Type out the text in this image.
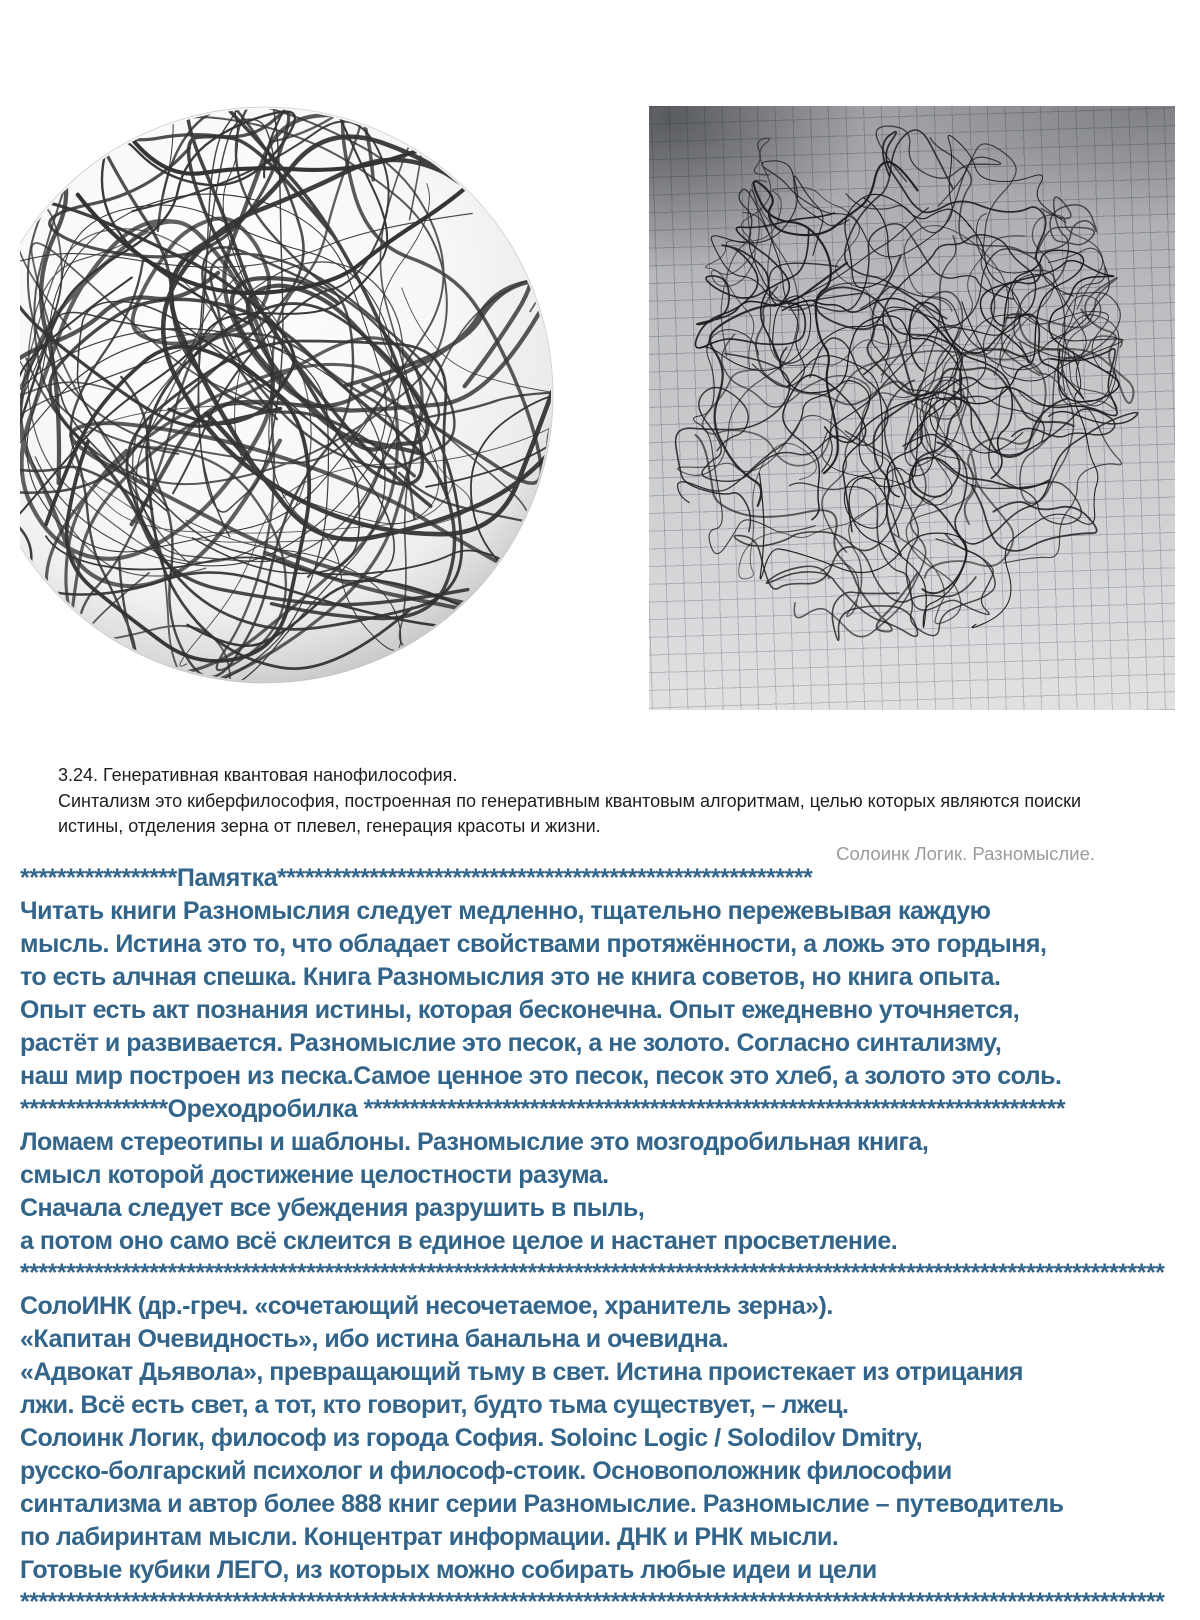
3.24. Генеративная квантовая нанофилософия.
Синтализм это киберфилософия, построенная по генеративным квантовым алгоритмам, целью которых являются поиски
истины, отделения зерна от плевел, генерация красоты и жизни.
Солоинк Логик. Разномыслие.
*****************Памятка**********************************************************
Читать книги Разномыслия следует медленно, тщательно пережевывая каждую
мысль. Истина это то, что обладает свойствами протяжённости, а ложь это гордыня,
то есть алчная спешка. Книга Разномыслия это не книга советов, но книга опыта.
Опыт есть акт познания истины, которая бесконечна. Опыт ежедневно уточняется,
растёт и развивается. Разномыслие это песок, а не золото. Согласно синтализму,
наш мир построен из песка.Самое ценное это песок, песок это хлеб, а золото это соль.
****************Ореходробилка ****************************************************************************
Ломаем стереотипы и шаблоны. Разномыслие это мозгодробильная книга,
смысл которой достижение целостности разума.
Сначала следует все убеждения разрушить в пыль,
а потом оно само всё склеится в единое целое и настанет просветление.
****************************************************************************************************************************
СолоИНК (др.-греч. «сочетающий несочетаемое, хранитель зерна»).
«Капитан Очевидность», ибо истина банальна и очевидна.
«Адвокат Дьявола», превращающий тьму в свет. Истина проистекает из отрицания
лжи. Всё есть свет, а тот, кто говорит, будто тьма существует, – лжец.
Солоинк Логик, философ из города София. Soloinc Logic / Solodilov Dmitry,
русско-болгарский психолог и философ-стоик. Основоположник философии
синтализма и автор более 888 книг серии Разномыслие. Разномыслие – путеводитель
по лабиринтам мысли. Концентрат информации. ДНК и РНК мысли.
Готовые кубики ЛЕГО, из которых можно собирать любые идеи и цели
****************************************************************************************************************************
